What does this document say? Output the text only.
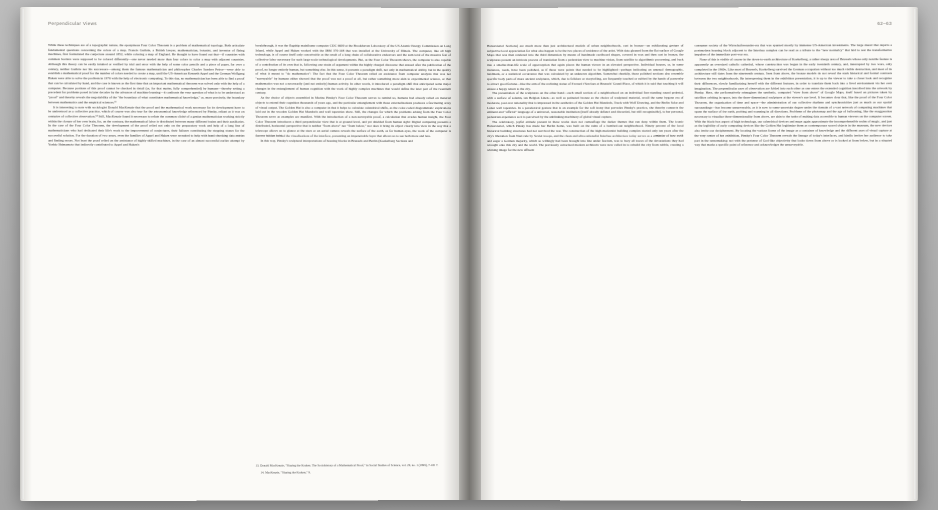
Perpendicular Views

While these techniques are of a topographic nature, the eponymous Four Color Theorem is a problem of mathematical topology. Both articulate fundamental questions concerning the colors of a map. Francis Guthrie, a British lawyer, mathematician, botanist, and inventor of flying machines, first formulated the conjecture around 1852, while coloring a map of England. He thought to have found out that—if countries with common borders were supposed to be colored differently—one never needed more than four colors to color a map with adjacent countries. Although this theory can be easily intuited or verified by trial and error with the help of some color pencils and a piece of paper, for over a century, neither Guthrie nor his successors—among them the famous mathematician and philosopher Charles Sanders Peirce—were able to establish a mathematical proof for the number of colors needed to create a map, until the US-American Kenneth Appel and the German Wolfgang Haken were able to solve the problem in 1976 with the help of electronic computing. To this day, no mathematician has been able to find a proof that can be calculated by hand, and the case is known as the first time that an important mathematical theorem was solved only with the help of a computer. Because portions of this proof cannot be checked in detail (or, for that matter, fully comprehended) by humans—thereby setting a precedent for problems posed in later decades by the advances of machine learning—it confronts the very question of what is to be understood as "proof" and thereby reveals the negotiability of the "the boundary of what constitutes mathematical knowledge," or, more precisely, the boundary between mathematics and the empirical sciences.¹³

It is interesting to note with sociologist Donald MacKenzie that the proof and the mathematical work necessary for its development have to be understood as a collective practice, which of course was also true for the astronomical knowledge referenced by Pinsky, reliant as it was on centuries of collective observation.¹⁴ Still, MacKenzie found it necessary to refute the common cliché of a genius mathematician working strictly within the closure of her own brain, for, on the contrary, the mathematical labor is distributed between many different brains and their auxiliaries. In the case of the Four Color Theorem, the development of the proof relied not only on the preparatory work and help of a long line of mathematicians who had dedicated their life's work to the improvement of conjectures, their failures constituting the stepping stones for the successful solution. For the duration of two years, even the families of Appel and Haken were recruited to help with hand-checking data entries and finding errors. Not least the proof relied on the assistance of highly skilled machines, in the case of an almost successful earlier attempt by Yoshio Shimamoto that indirectly contributed to Appel and Haken's

breakthrough, it was the flagship mainframe computer CDC 6600 at the Brookhaven Laboratory of the US Atomic Energy Commission on Long Island, while Appel and Haken worked with the IBM 370-168 that was installed at the University of Illinois. The computer, like all high technology, is of course itself only conceivable as the result of a long chain of collaborative endeavors and the sum total of the massive feat of collective labor necessary for such large-scale technological developments. But, as the Four Color Theorem shows, the computer is also capable of a contribution of its own that is, following one strain of argument within the highly charged discourse that ensued after the publication of the proof, no longer entirely human, but something else. In this sense, it presents a paradigm shift, not only in mathematical ability, but in the quality of what it meant to "do mathematics": The fact that the Four Color Theorem relied on assistance from computer analysis that was not "surveyable" by humans either showed that the proof was not a proof at all, but rather something more akin to experimental science, or that mathematics was not a necessarily (and not entirely) human activity. In other words, it introduced a paradigm shift that anticipated some major changes in the entanglement of human cognition with the work of highly complex machines that would define the later part of the twentieth century.

As the choice of objects assembled in Marina Pinsky's Four Color Theorem serves to remind us, humans had already relied on material objects to extend their cognition thousands of years ago, and the particular entanglement with those externalizations produces a fascinating array of visual output. The Golden Hat is also a computer in that it helps to calculate calendrical shifts, as the color-coded diagrammatic explications laid out in the wooden Golden Hat Mandrels and wall tapestries show. Still, the changes for which the problems arising from the Four Color Theorem serve as examples are manifest. With the introduction of a non-surveyable proof, a calculation that evades human insight, the Four Color Theorem introduces a third perpendicular view that is at ground level, and yet shielded from human sight: Digital computing presents a distributed, horizontal perspective that is neither "from above" nor "from below," nor does it bring its object clearly into view in the way that a telescope allows us to glance at the stars or an aerial camera reveals the surface of the earth, as for human eyes, the work of the computer is forever hidden behind the visualizations of the interface, presenting an impenetrable layer that allows us to see both more and less.

In this way, Pinsky's sculptural interpretations of housing blocks in Brussels and Berlin (Koekelberg Sections and

13. Donald MacKenzie, "Slaying the Kraken. The Sociohistory of a Mathematical Proof," in Social Studies of Science, vol. 29, no. 1 (1999), 7–60: 7.

14. MacKenzie, "Slaying the Kraken," 9.

62–63

Hansaviertel Sections) are much more than just architectural models of urban neighborhoods, cast in bronze—an exhilarating gesture of subjective local appreciation for what also happen to be the two places of residence of the artist. With data gleaned from the flat surface of Google Maps that was then rendered into the third dimension by means of handmade cardboard shapes, covered in wax and then cast in bronze, the sculptures present an intricate process of translation from a pedestrian view to machine vision, from satellite to algorithmic processing, and back into a smaller-than-life scale of apperception that again places the human viewer in an elevated perspective. Individual houses, or, in some instances, roads, have been polished, as if those were points that needed to be highlighted—perhaps indicating an unusual demographic, landmark, or a statistical occurrence that was calculated by an unknown algorithm. Somewhat cheekily, those polished sections also resemble specific body parts of more ancient sculptures, which, due to folklore or storytelling, are frequently touched or rubbed by the hands of passersby to attract good fortune—like the arm of the reclining statue of Everard t'Serclaes at Brussels' Grand-Place, of which it is said that touching it will ensure a happy return to the city.

The presentation of the sculptures on the other hand—each small section of a neighborhood on an individual free-standing round pedestal, with a surface of solemn, tan Belgian Linen—as well as patinated bronze as the choice of sculptural material, recall the same bygone era of moderate, post-war rationality that is impressed in the aesthetics of the Golden Hat Mandrels, Truck with Wolf Drawing, and the Berlin Solar and Lunar wall tapestries. In a paradoxical gesture that is an example for the soft irony that pervades Pinsky's practice, she thereby connects the eminent and "official" language of a universal, reasonable institution (itself already defunct and discarded, but still recognizable), to her personal, pedestrian experience as it is perceived by the unblinking machinery of global visual capture.

The celebratory, joyful attitude present in these works does not camouflage the darker themes that run deep within them. The iconic Hansaviertel, which Pinsky has made her Berlin home, was built on the ruins of a bombed-out neighborhood. Ninety percent of the local historical building structures had not survived the war. The construction of the high-modernist building complex started only ten years after the city's liberation from Nazi rule by Soviet troops, and the clean and ultra-rationalist Interbau architecture today serves as a reminder of how swift and eager a German majority, which so willingly had been brought into line under fascism, was to bury all traces of the devastations they had wrought onto this city and the world. The previously ostracized modern architects were now called in to rebuild the city from rubble, creating a winning image for the new affluent

consumer society of the Wirtschaftswunder-era that was spurned mostly by immense US-American investments. The large mural that depicts a postmodern housing block adjacent to the Interbau complex can be read as a tribute to the "new normalcy" that laid to rest the transformative impulses of the immediate post-war era.

None of this is visible of course in the down-to-earth architecture of Koekelberg, a rather sleepy area of Brussels whose only notable feature is apparently an oversized catholic cathedral, whose construction was begun in the early twentieth century, and, interrupted by two wars, only completed in the 1960s. Like most of Brussels, Koekelberg survived the German occupation without too much visible destruction, and most of its architecture still dates from the nineteenth century. Seen from above, the bronze models do not reveal the stark historical and formal contrasts between the two neighborhoods. By interspersing them in the exhibition presentation, it is up to the viewer to take a closer look and recognize their differences, slowly familiarizing herself with the different features, in order to translate them back into a lived environment via her own imagination. The perpendicular axes of observation are folded into each other as one enters the extended cognition inscribed into the artwork by Pinsky. Here, she performatively reimagines the synthetic, computed "view from above" of Google Maps, itself based on pictures taken by satellites orbiting in space, into the three-dimensional sculptures at the viewer's eye level. It becomes clear that, like the proof of the Four Color Theorem, the organization of time and space—the administration of our collective rhythms and synchronicities just as much as our spatial surroundings—has become unsurveyable, as it is now to some uncertain degree under the domain of a vast network of computing machines that spans the surface of the earth, probing and scanning in all directions. Problems of the photomap and the age of ballooning, like the exaggeration necessary to visualize three-dimensionality from above, are akin to the tasks of making data accessible to human viewers on the computer screen. With the black-box aspect of high technology, our calendrical devices and maps again approximate the incomprehensible realm of magic, and just as the legibility of early computing devices like the Golden Hat legitimize them as contemporary sacred objects in the museum, the new devices also invite our decipherment. By locating the various forms of the image as a container of knowledge and the different axes of visual capture at the very center of her exhibition, Pinsky's Four Color Theorem reveals the lineage of today's interfaces, and kindly invites her audience to take part in the sensemaking: not with the pretense of God-like objectivity that looks down from above or is looked at from below, but in a situated way that marks a specific point of reference and acknowledges the unsurveyable.
